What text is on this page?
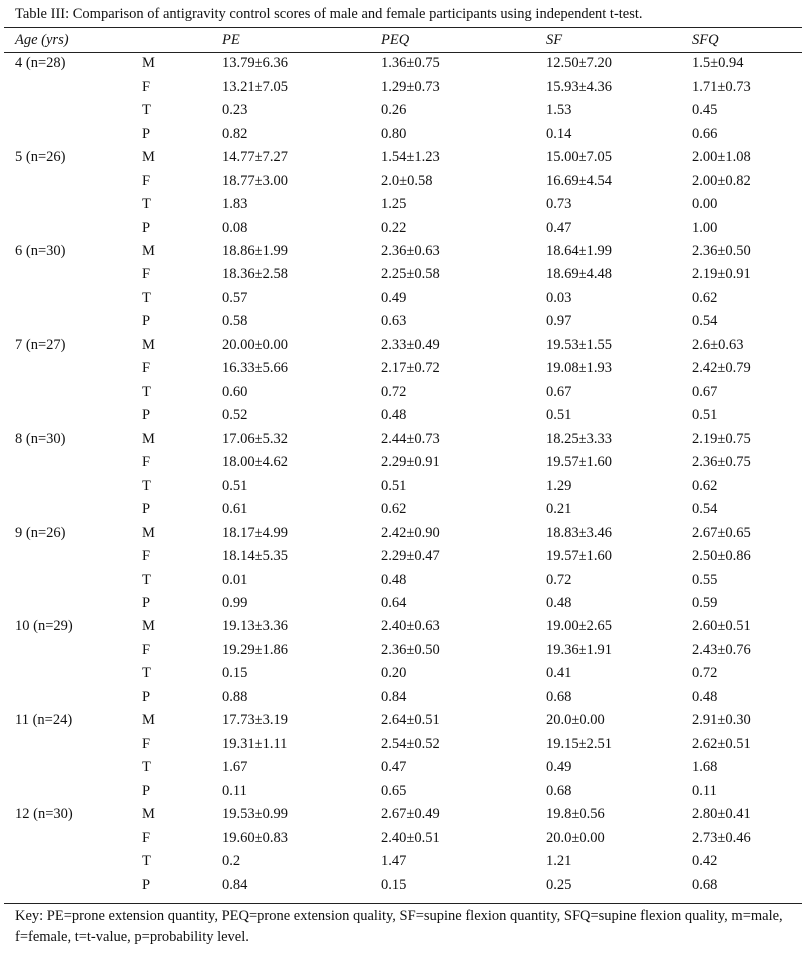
Table III: Comparison of antigravity control scores of male and female participants using independent t-test.
Age (yrs)		PE	PEQ	SF	SFQ
4 (n=28)	M	13.79±6.36	1.36±0.75	12.50±7.20	1.5±0.94
	F	13.21±7.05	1.29±0.73	15.93±4.36	1.71±0.73
	T	0.23	0.26	1.53	0.45
	P	0.82	0.80	0.14	0.66
5 (n=26)	M	14.77±7.27	1.54±1.23	15.00±7.05	2.00±1.08
	F	18.77±3.00	2.0±0.58	16.69±4.54	2.00±0.82
	T	1.83	1.25	0.73	0.00
	P	0.08	0.22	0.47	1.00
6 (n=30)	M	18.86±1.99	2.36±0.63	18.64±1.99	2.36±0.50
	F	18.36±2.58	2.25±0.58	18.69±4.48	2.19±0.91
	T	0.57	0.49	0.03	0.62
	P	0.58	0.63	0.97	0.54
7 (n=27)	M	20.00±0.00	2.33±0.49	19.53±1.55	2.6±0.63
	F	16.33±5.66	2.17±0.72	19.08±1.93	2.42±0.79
	T	0.60	0.72	0.67	0.67
	P	0.52	0.48	0.51	0.51
8 (n=30)	M	17.06±5.32	2.44±0.73	18.25±3.33	2.19±0.75
	F	18.00±4.62	2.29±0.91	19.57±1.60	2.36±0.75
	T	0.51	0.51	1.29	0.62
	P	0.61	0.62	0.21	0.54
9 (n=26)	M	18.17±4.99	2.42±0.90	18.83±3.46	2.67±0.65
	F	18.14±5.35	2.29±0.47	19.57±1.60	2.50±0.86
	T	0.01	0.48	0.72	0.55
	P	0.99	0.64	0.48	0.59
10 (n=29)	M	19.13±3.36	2.40±0.63	19.00±2.65	2.60±0.51
	F	19.29±1.86	2.36±0.50	19.36±1.91	2.43±0.76
	T	0.15	0.20	0.41	0.72
	P	0.88	0.84	0.68	0.48
11 (n=24)	M	17.73±3.19	2.64±0.51	20.0±0.00	2.91±0.30
	F	19.31±1.11	2.54±0.52	19.15±2.51	2.62±0.51
	T	1.67	0.47	0.49	1.68
	P	0.11	0.65	0.68	0.11
12 (n=30)	M	19.53±0.99	2.67±0.49	19.8±0.56	2.80±0.41
	F	19.60±0.83	2.40±0.51	20.0±0.00	2.73±0.46
	T	0.2	1.47	1.21	0.42
	P	0.84	0.15	0.25	0.68
Key: PE=prone extension quantity, PEQ=prone extension quality, SF=supine flexion quantity, SFQ=supine flexion quality, m=male, f=female, t=t-value, p=probability level.
